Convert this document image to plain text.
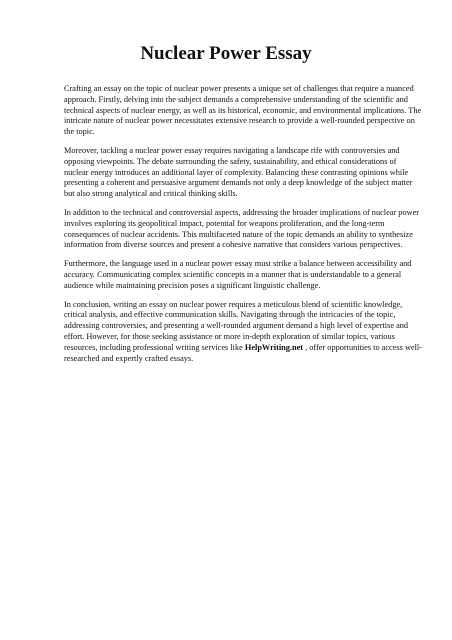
Nuclear Power Essay

Crafting an essay on the topic of nuclear power presents a unique set of challenges that require a nuanced approach. Firstly, delving into the subject demands a comprehensive understanding of the scientific and technical aspects of nuclear energy, as well as its historical, economic, and environmental implications. The intricate nature of nuclear power necessitates extensive research to provide a well-rounded perspective on the topic.

Moreover, tackling a nuclear power essay requires navigating a landscape rife with controversies and opposing viewpoints. The debate surrounding the safety, sustainability, and ethical considerations of nuclear energy introduces an additional layer of complexity. Balancing these contrasting opinions while presenting a coherent and persuasive argument demands not only a deep knowledge of the subject matter but also strong analytical and critical thinking skills.

In addition to the technical and controversial aspects, addressing the broader implications of nuclear power involves exploring its geopolitical impact, potential for weapons proliferation, and the long-term consequences of nuclear accidents. This multifaceted nature of the topic demands an ability to synthesize information from diverse sources and present a cohesive narrative that considers various perspectives.

Furthermore, the language used in a nuclear power essay must strike a balance between accessibility and accuracy. Communicating complex scientific concepts in a manner that is understandable to a general audience while maintaining precision poses a significant linguistic challenge.

In conclusion, writing an essay on nuclear power requires a meticulous blend of scientific knowledge, critical analysis, and effective communication skills. Navigating through the intricacies of the topic, addressing controversies, and presenting a well-rounded argument demand a high level of expertise and effort. However, for those seeking assistance or more in-depth exploration of similar topics, various resources, including professional writing services like HelpWriting.net , offer opportunities to access well-researched and expertly crafted essays.
